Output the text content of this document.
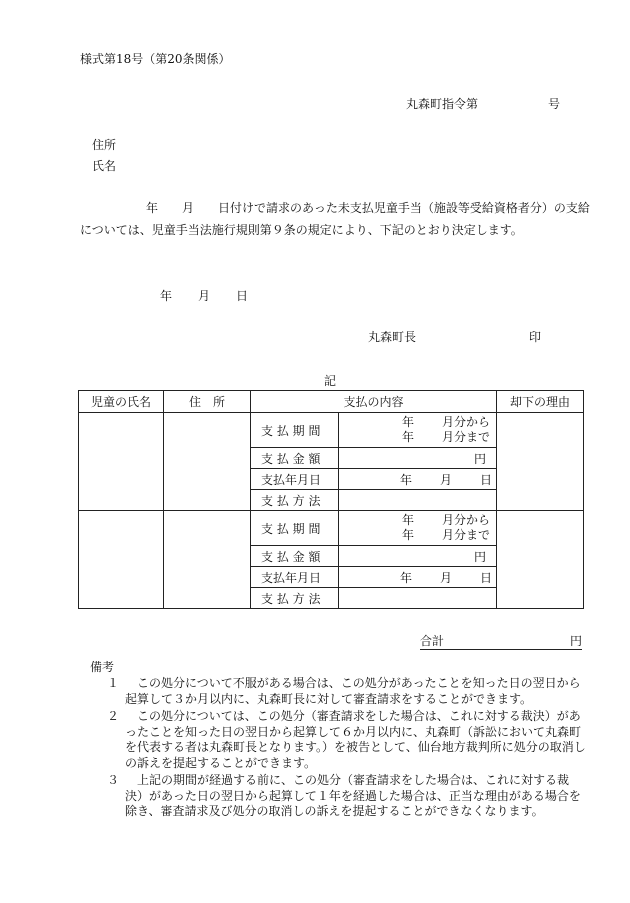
様式第18号（第20条関係）
丸森町指令第	号
住所
氏名
年　　月　　日付けで請求のあった未支払児童手当（施設等受給資格者分）の支給については、児童手当法施行規則第９条の規定により、下記のとおり決定します。
年 月 日
丸森町長	印
記
児童の氏名	住　所	支払の内容		却下の理由
		支 払 期 間	年 月分から
年 月分まで	

		支 払 金 額	円	
		支払年月日	年 月 日	
		支 払 方 法		
		支 払 期 間	年 月分から
年 月分まで	

		支 払 金 額	円	
		支払年月日	年 月 日	
		支 払 方 法		
合計	円
備考
１	この処分について不服がある場合は、この処分があったことを知った日の翌日から起算して３か月以内に、丸森町長に対して審査請求をすることができます。
２	この処分については、この処分（審査請求をした場合は、これに対する裁決）があったことを知った日の翌日から起算して６か月以内に、丸森町（訴訟において丸森町を代表する者は丸森町長となります。）を被告として、仙台地方裁判所に処分の取消しの訴えを提起することができます。
３	上記の期間が経過する前に、この処分（審査請求をした場合は、これに対する裁決）があった日の翌日から起算して１年を経過した場合は、正当な理由がある場合を除き、審査請求及び処分の取消しの訴えを提起することができなくなります。
